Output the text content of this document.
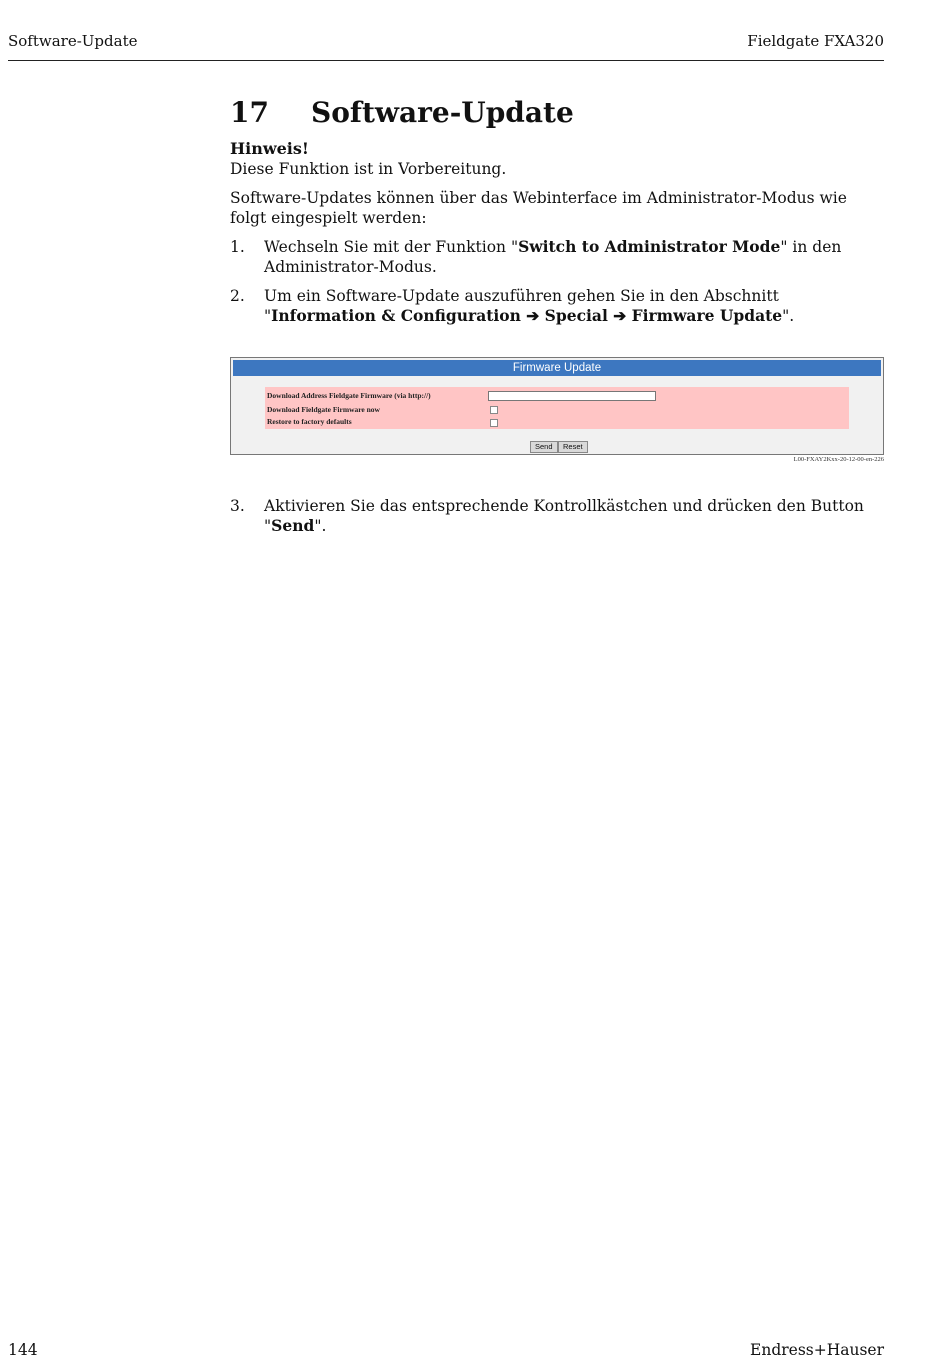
Software-Update	Fieldgate FXA320
17	Software-Update
Hinweis!

Diese Funktion ist in Vorbereitung.

Software-Updates können über das Webinterface im Administrator-Modus wie folgt eingespielt werden:

1.	Wechseln Sie mit der Funktion "Switch to Administrator Mode" in den Administrator-Modus.
2.	Um ein Software-Update auszuführen gehen Sie in den Abschnitt "Information & Configuration ➔ Special ➔ Firmware Update".
Firmware Update
Download Address Fieldgate Firmware (via http://)
Download Fieldgate Firmware now
Restore to factory defaults
Send	Reset
L00-FXAY2Kxx-20-12-00-en-226
3.	Aktivieren Sie das entsprechende Kontrollkästchen und drücken den Button "Send".
144	Endress+Hauser
